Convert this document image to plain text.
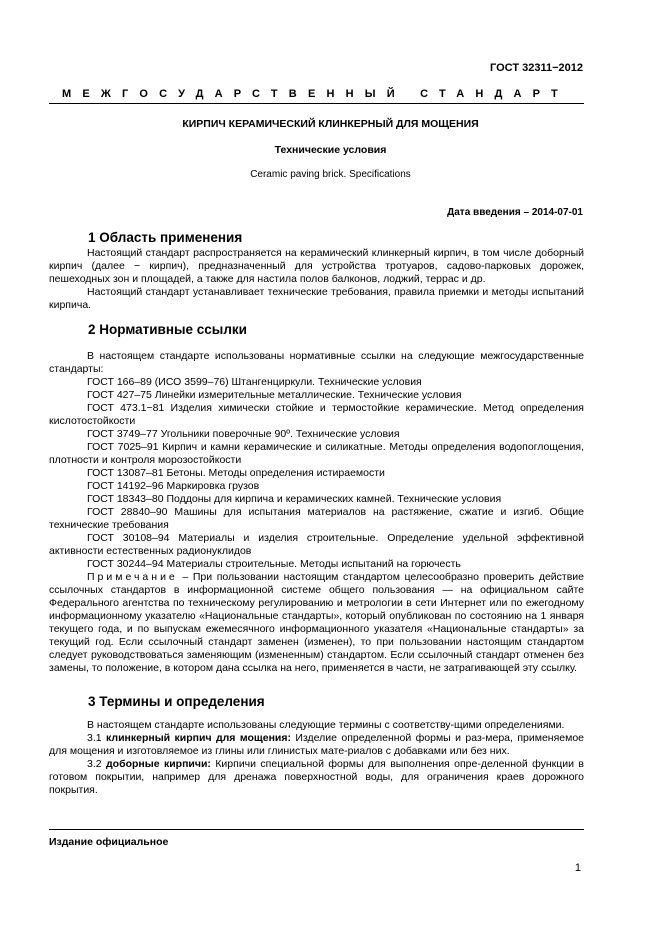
ГОСТ 32311−2012
МЕЖГОСУДАРСТВЕННЫЙ СТАНДАРТ
КИРПИЧ КЕРАМИЧЕСКИЙ КЛИНКЕРНЫЙ ДЛЯ МОЩЕНИЯ
Технические условия
Ceramic paving brick. Specifications
Дата введения – 2014-07-01
1 Область применения

Настоящий стандарт распространяется на керамический клинкерный кирпич, в том числе доборный кирпич (далее − кирпич), предназначенный для устройства тротуаров, садово-парковых дорожек, пешеходных зон и площадей, а также для настила полов балконов, лоджий, террас и др.

Настоящий стандарт устанавливает технические требования, правила приемки и методы испытаний кирпича.

2 Нормативные ссылки

В настоящем стандарте использованы нормативные ссылки на следующие межгосударственные стандарты:

ГОСТ 166–89 (ИСО 3599–76) Штангенциркули. Технические условия

ГОСТ 427–75 Линейки измерительные металлические. Технические условия

ГОСТ 473.1−81 Изделия химически стойкие и термостойкие керамические. Метод определения кислотостойкости

ГОСТ 3749–77 Угольники поверочные 90º. Технические условия

ГОСТ 7025–91 Кирпич и камни керамические и силикатные. Методы определения водопоглощения, плотности и контроля морозостойкости

ГОСТ 13087–81 Бетоны. Методы определения истираемости

ГОСТ 14192–96 Маркировка грузов

ГОСТ 18343–80 Поддоны для кирпича и керамических камней. Технические условия

ГОСТ 28840–90 Машины для испытания материалов на растяжение, сжатие и изгиб. Общие технические требования

ГОСТ 30108–94 Материалы и изделия строительные. Определение удельной эффективной активности естественных радионуклидов

ГОСТ 30244–94 Материалы строительные. Методы испытаний на горючесть

Примечание – При пользовании настоящим стандартом целесообразно проверить действие ссылочных стандартов в информационной системе общего пользования — на официальном сайте Федерального агентства по техническому регулированию и метрологии в сети Интернет или по ежегодному информационному указателю «Национальные стандарты», который опубликован по состоянию на 1 января текущего года, и по выпускам ежемесячного информационного указателя «Национальные стандарты» за текущий год. Если ссылочный стандарт заменен (изменен), то при пользовании настоящим стандартом следует руководствоваться заменяющим (измененным) стандартом. Если ссылочный стандарт отменен без замены, то положение, в котором дана ссылка на него, применяется в части, не затрагивающей эту ссылку.

3 Термины и определения

В настоящем стандарте использованы следующие термины с соответству-щими определениями.

3.1 клинкерный кирпич для мощения: Изделие определенной формы и раз-мера, применяемое для мощения и изготовляемое из глины или глинистых мате-риалов с добавками или без них.

3.2 доборные кирпичи: Кирпичи специальной формы для выполнения опре-деленной функции в готовом покрытии, например для дренажа поверхностной воды, для ограничения краев дорожного покрытия.

Издание официальное
1
